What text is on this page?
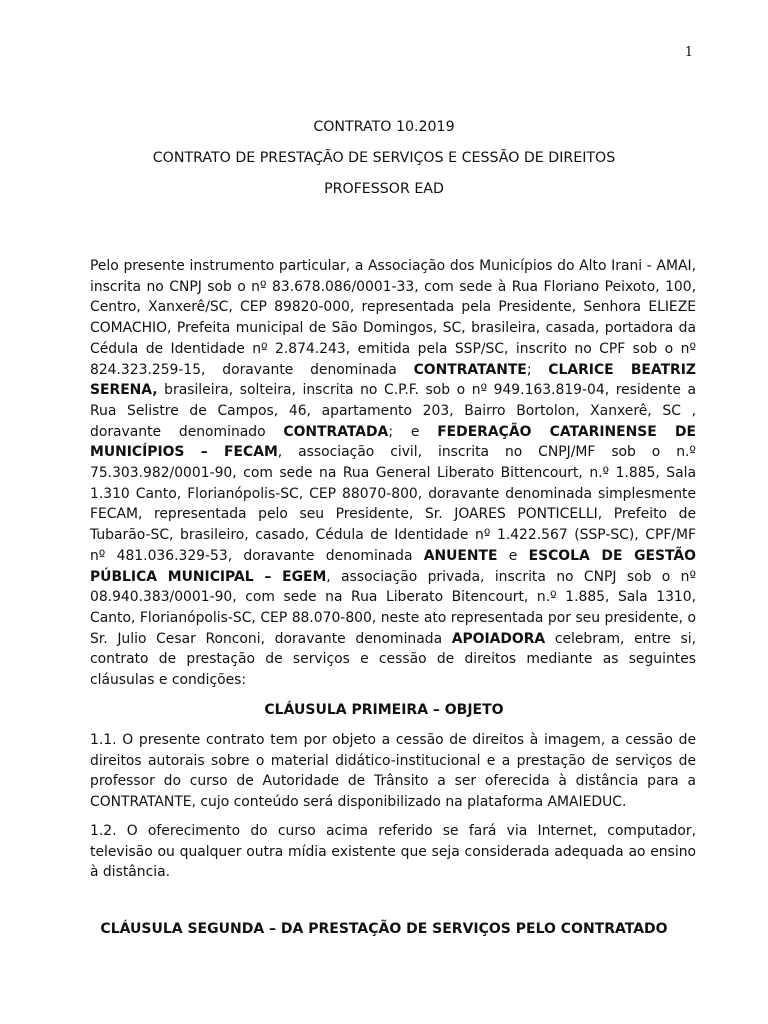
1
CONTRATO 10.2019
CONTRATO DE PRESTAÇÃO DE SERVIÇOS E CESSÃO DE DIREITOS
PROFESSOR EAD
Pelo presente instrumento particular, a Associação dos Municípios do Alto Irani - AMAI, inscrita no CNPJ sob o nº 83.678.086/0001-33, com sede à Rua Floriano Peixoto, 100, Centro, Xanxerê/SC, CEP 89820-000, representada pela Presidente, Senhora ELIEZE COMACHIO, Prefeita municipal de São Domingos, SC, brasileira, casada, portadora da Cédula de Identidade nº 2.874.243, emitida pela SSP/SC, inscrito no CPF sob o nº 824.323.259-15, doravante denominada CONTRATANTE; CLARICE BEATRIZ SERENA, brasileira, solteira, inscrita no C.P.F. sob o nº 949.163.819-04, residente a Rua Selistre de Campos, 46, apartamento 203, Bairro Bortolon, Xanxerê, SC , doravante denominado CONTRATADA; e FEDERAÇÃO CATARINENSE DE MUNICÍPIOS – FECAM, associação civil, inscrita no CNPJ/MF sob o n.º 75.303.982/0001-90, com sede na Rua General Liberato Bittencourt, n.º 1.885, Sala 1.310 Canto, Florianópolis-SC, CEP 88070-800, doravante denominada simplesmente FECAM, representada pelo seu Presidente, Sr. JOARES PONTICELLI, Prefeito de Tubarão-SC, brasileiro, casado, Cédula de Identidade nº 1.422.567 (SSP-SC), CPF/MF nº 481.036.329-53, doravante denominada ANUENTE e ESCOLA DE GESTÃO PÚBLICA MUNICIPAL – EGEM, associação privada, inscrita no CNPJ sob o nº 08.940.383/0001-90, com sede na Rua Liberato Bitencourt, n.º 1.885, Sala 1310, Canto, Florianópolis-SC, CEP 88.070-800, neste ato representada por seu presidente, o Sr. Julio Cesar Ronconi, doravante denominada APOIADORA celebram, entre si, contrato de prestação de serviços e cessão de direitos mediante as seguintes cláusulas e condições:
CLÁUSULA PRIMEIRA – OBJETO
1.1. O presente contrato tem por objeto a cessão de direitos à imagem, a cessão de direitos autorais sobre o material didático-institucional e a prestação de serviços de professor do curso de Autoridade de Trânsito a ser oferecida à distância para a CONTRATANTE, cujo conteúdo será disponibilizado na plataforma AMAIEDUC.
1.2. O oferecimento do curso acima referido se fará via Internet, computador, televisão ou qualquer outra mídia existente que seja considerada adequada ao ensino à distância.
CLÁUSULA SEGUNDA – DA PRESTAÇÃO DE SERVIÇOS PELO CONTRATADO
